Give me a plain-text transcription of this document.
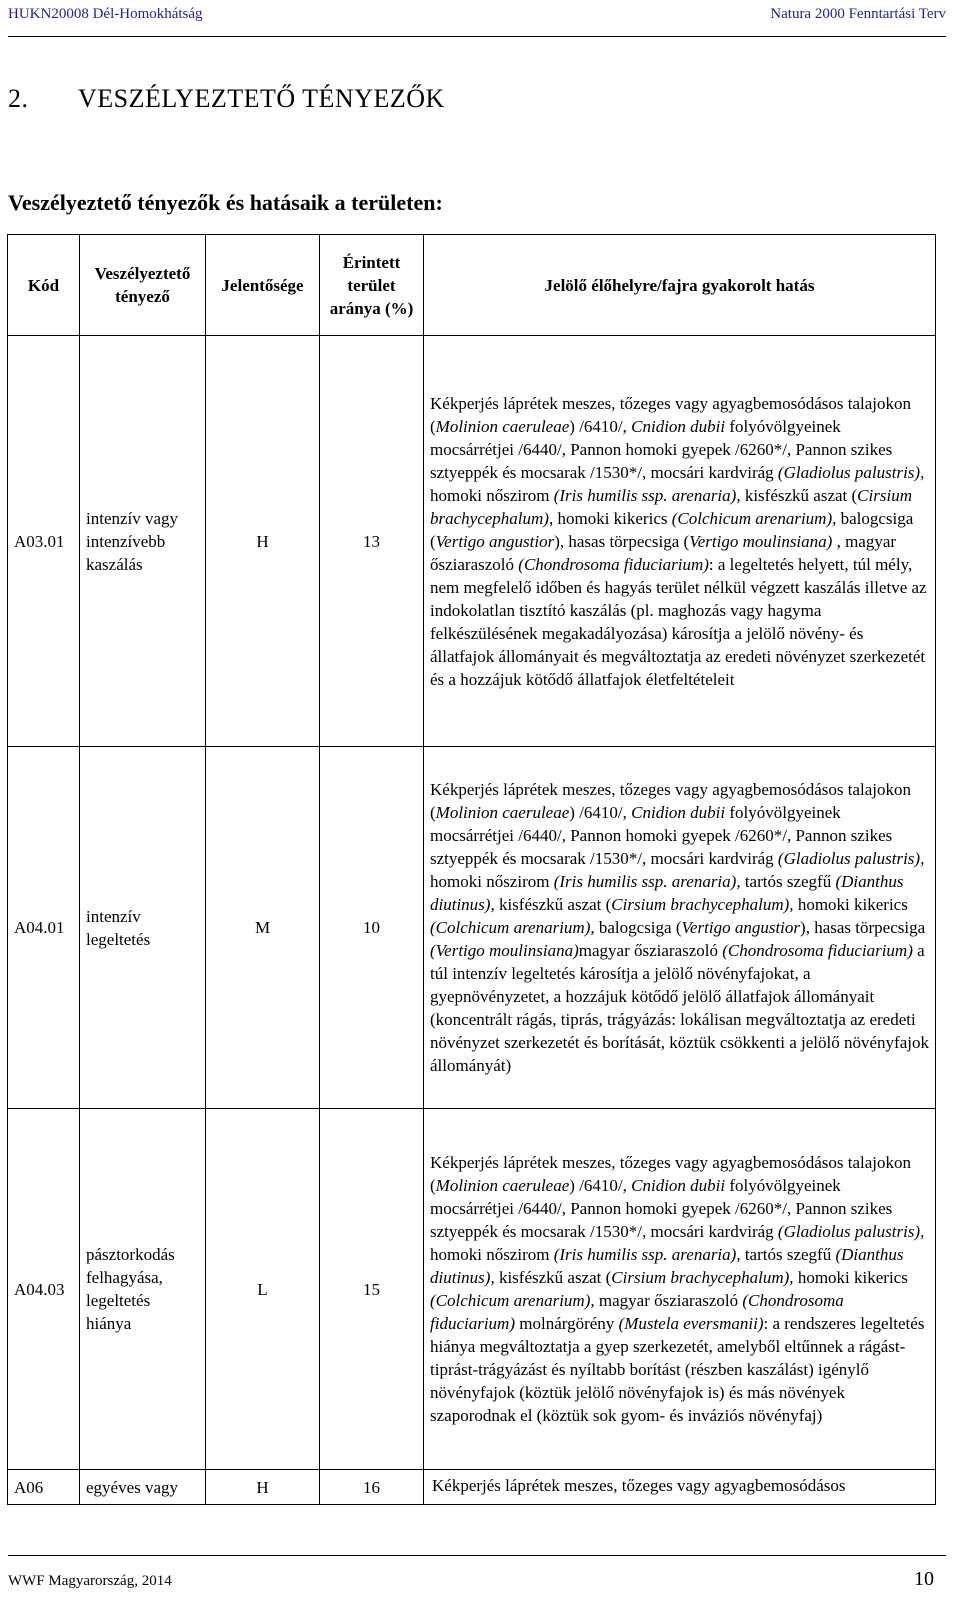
HUKN20008 Dél-Homokhátság	Natura 2000 Fenntartási Terv
2. VESZÉLYEZTETŐ TÉNYEZŐK
Veszélyeztető tényezők és hatásaik a területen:
Kód	Veszélyeztető tényező	Jelentősége	Érintett terület aránya (%)	Jelölő élőhelyre/fajra gyakorolt hatás
A03.01	intenzív vagy intenzívebb kaszálás	H	13	Kékperjés láprétek meszes, tőzeges vagy agyagbemosódásos talajokon (Molinion caeruleae) /6410/, Cnidion dubii folyóvölgyeinek mocsárrétjei /6440/, Pannon homoki gyepek /6260*/, Pannon szikes sztyeppék és mocsarak /1530*/, mocsári kardvirág (Gladiolus palustris), homoki nőszirom (Iris humilis ssp. arenaria), kisfészkű aszat (Cirsium brachycephalum), homoki kikerics (Colchicum arenarium), balogcsiga (Vertigo angustior), hasas törpecsiga (Vertigo moulinsiana) , magyar ősziaraszoló (Chondrosoma fiduciarium): a legeltetés helyett, túl mély, nem megfelelő időben és hagyás terület nélkül végzett kaszálás illetve az indokolatlan tisztító kaszálás (pl. maghozás vagy hagyma felkészülésének megakadályozása) károsítja a jelölő növény- és állatfajok állományait és megváltoztatja az eredeti növényzet szerkezetét és a hozzájuk kötődő állatfajok életfeltételeit
A04.01	intenzív legeltetés	M	10	Kékperjés láprétek meszes, tőzeges vagy agyagbemosódásos talajokon (Molinion caeruleae) /6410/, Cnidion dubii folyóvölgyeinek mocsárrétjei /6440/, Pannon homoki gyepek /6260*/, Pannon szikes sztyeppék és mocsarak /1530*/, mocsári kardvirág (Gladiolus palustris), homoki nőszirom (Iris humilis ssp. arenaria), tartós szegfű (Dianthus diutinus), kisfészkű aszat (Cirsium brachycephalum), homoki kikerics (Colchicum arenarium), balogcsiga (Vertigo angustior), hasas törpecsiga (Vertigo moulinsiana)magyar ősziaraszoló (Chondrosoma fiduciarium) a túl intenzív legeltetés károsítja a jelölő növényfajokat, a gyepnövényzetet, a hozzájuk kötődő jelölő állatfajok állományait (koncentrált rágás, tiprás, trágyázás: lokálisan megváltoztatja az eredeti növényzet szerkezetét és borítását, köztük csökkenti a jelölő növényfajok állományát)
A04.03	pásztorkodás felhagyása, legeltetés hiánya	L	15	Kékperjés láprétek meszes, tőzeges vagy agyagbemosódásos talajokon (Molinion caeruleae) /6410/, Cnidion dubii folyóvölgyeinek mocsárrétjei /6440/, Pannon homoki gyepek /6260*/, Pannon szikes sztyeppék és mocsarak /1530*/, mocsári kardvirág (Gladiolus palustris), homoki nőszirom (Iris humilis ssp. arenaria), tartós szegfű (Dianthus diutinus), kisfészkű aszat (Cirsium brachycephalum), homoki kikerics (Colchicum arenarium), magyar ősziaraszoló (Chondrosoma fiduciarium) molnárgörény (Mustela eversmanii): a rendszeres legeltetés hiánya megváltoztatja a gyep szerkezetét, amelyből eltűnnek a rágást-tiprást-trágyázást és nyíltabb borítást (részben kaszálást) igénylő növényfajok (köztük jelölő növényfajok is) és más növények szaporodnak el (köztük sok gyom- és inváziós növényfaj)
A06	egyéves vagy	H	16	Kékperjés láprétek meszes, tőzeges vagy agyagbemosódásos
WWF Magyarország, 2014	10
